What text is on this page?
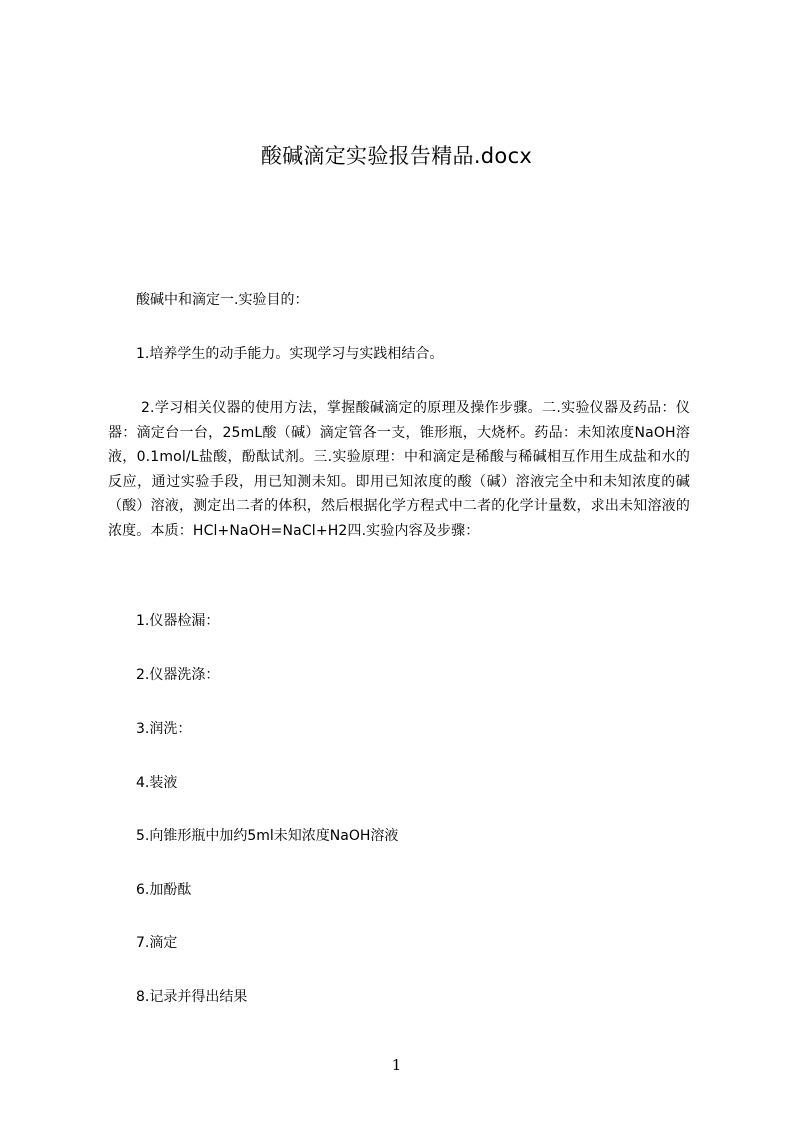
酸碱滴定实验报告精品.docx

酸碱中和滴定一.实验目的：

1.培养学生的动手能力。实现学习与实践相结合。

2.学习相关仪器的使用方法，掌握酸碱滴定的原理及操作步骤。二.实验仪器及药品：仪器：滴定台一台，25mL酸（碱）滴定管各一支，锥形瓶，大烧杯。药品：未知浓度NaOH溶液，0.1mol/L盐酸，酚酞试剂。三.实验原理：中和滴定是稀酸与稀碱相互作用生成盐和水的反应，通过实验手段，用已知测未知。即用已知浓度的酸（碱）溶液完全中和未知浓度的碱（酸）溶液，测定出二者的体积，然后根据化学方程式中二者的化学计量数，求出未知溶液的浓度。本质：HCl+NaOH=NaCl+H2四.实验内容及步骤：

1.仪器检漏：

2.仪器洗涤：

3.润洗：

4.装液

5.向锥形瓶中加约5ml未知浓度NaOH溶液

6.加酚酞

7.滴定

8.记录并得出结果

1
